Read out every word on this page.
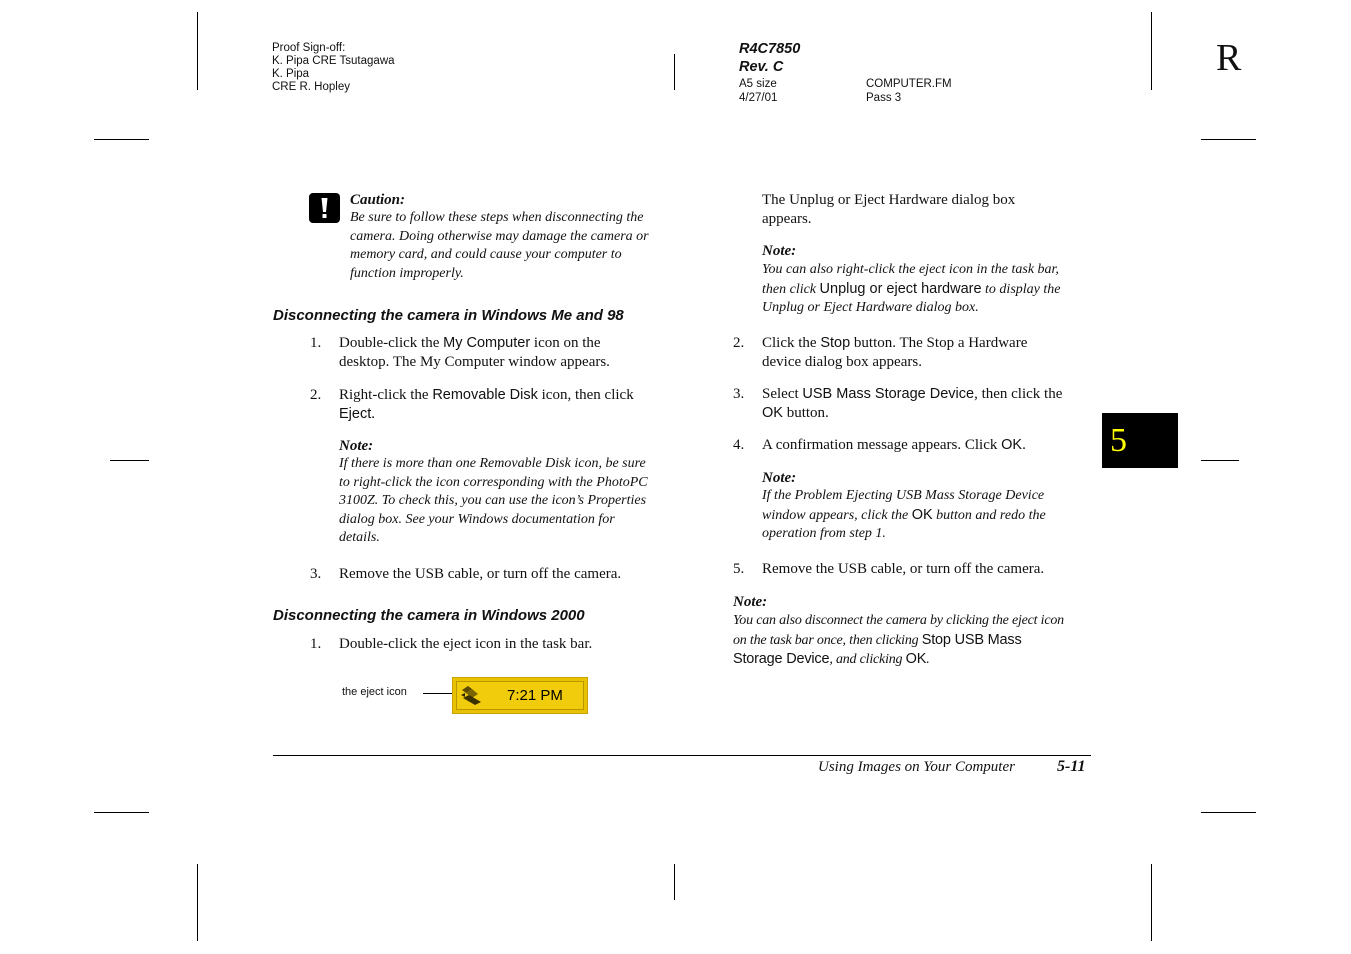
Proof Sign-off:
K. Pipa CRE Tsutagawa
K. Pipa
CRE R. Hopley
R4C7850
Rev. C
A5 size
4/27/01
COMPUTER.FM
Pass 3
R
5
Caution:
Be sure to follow these steps when disconnecting the
camera. Doing otherwise may damage the camera or
memory card, and could cause your computer to
function improperly.
Disconnecting the camera in Windows Me and 98
1. Double-click the My Computer icon on the
desktop. The My Computer window appears.
2. Right-click the Removable Disk icon, then click
Eject.
Note:
If there is more than one Removable Disk icon, be sure
to right-click the icon corresponding with the PhotoPC
3100Z. To check this, you can use the icon’s Properties
dialog box. See your Windows documentation for
details.
3. Remove the USB cable, or turn off the camera.
Disconnecting the camera in Windows 2000
1. Double-click the eject icon in the task bar.
the eject icon	7:21 PM
The Unplug or Eject Hardware dialog box
appears.
Note:
You can also right-click the eject icon in the task bar,
then click Unplug or eject hardware to display the
Unplug or Eject Hardware dialog box.
2. Click the Stop button. The Stop a Hardware
device dialog box appears.
3. Select USB Mass Storage Device, then click the
OK button.
4. A confirmation message appears. Click OK.
Note:
If the Problem Ejecting USB Mass Storage Device
window appears, click the OK button and redo the
operation from step 1.
5. Remove the USB cable, or turn off the camera.
Note:
You can also disconnect the camera by clicking the eject icon
on the task bar once, then clicking Stop USB Mass
Storage Device, and clicking OK.
Using Images on Your Computer	5-11
